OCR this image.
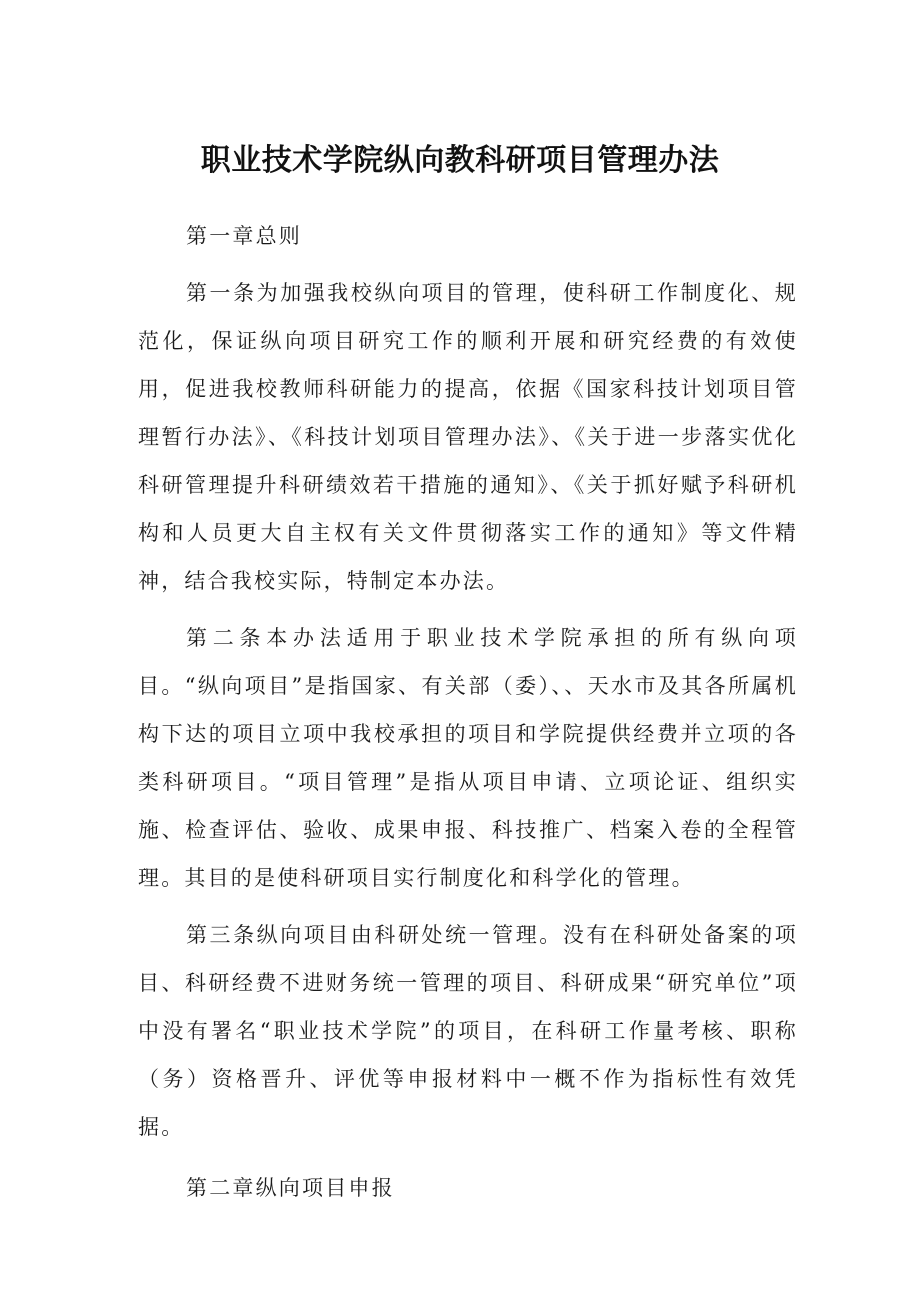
职业技术学院纵向教科研项目管理办法

第一章总则

第一条为加强我校纵向项目的管理，使科研工作制度化、规范化，保证纵向项目研究工作的顺利开展和研究经费的有效使用，促进我校教师科研能力的提高，依据《国家科技计划项目管理暂行办法》、《科技计划项目管理办法》、《关于进一步落实优化科研管理提升科研绩效若干措施的通知》、《关于抓好赋予科研机构和人员更大自主权有关文件贯彻落实工作的通知》等文件精神，结合我校实际，特制定本办法。

第二条本办法适用于职业技术学院承担的所有纵向项目。“纵向项目”是指国家、有关部（委）、、天水市及其各所属机构下达的项目立项中我校承担的项目和学院提供经费并立项的各类科研项目。“项目管理”是指从项目申请、立项论证、组织实施、检查评估、验收、成果申报、科技推广、档案入卷的全程管理。其目的是使科研项目实行制度化和科学化的管理。

第三条纵向项目由科研处统一管理。没有在科研处备案的项目、科研经费不进财务统一管理的项目、科研成果“研究单位”项中没有署名“职业技术学院”的项目，在科研工作量考核、职称（务）资格晋升、评优等申报材料中一概不作为指标性有效凭据。

第二章纵向项目申报
